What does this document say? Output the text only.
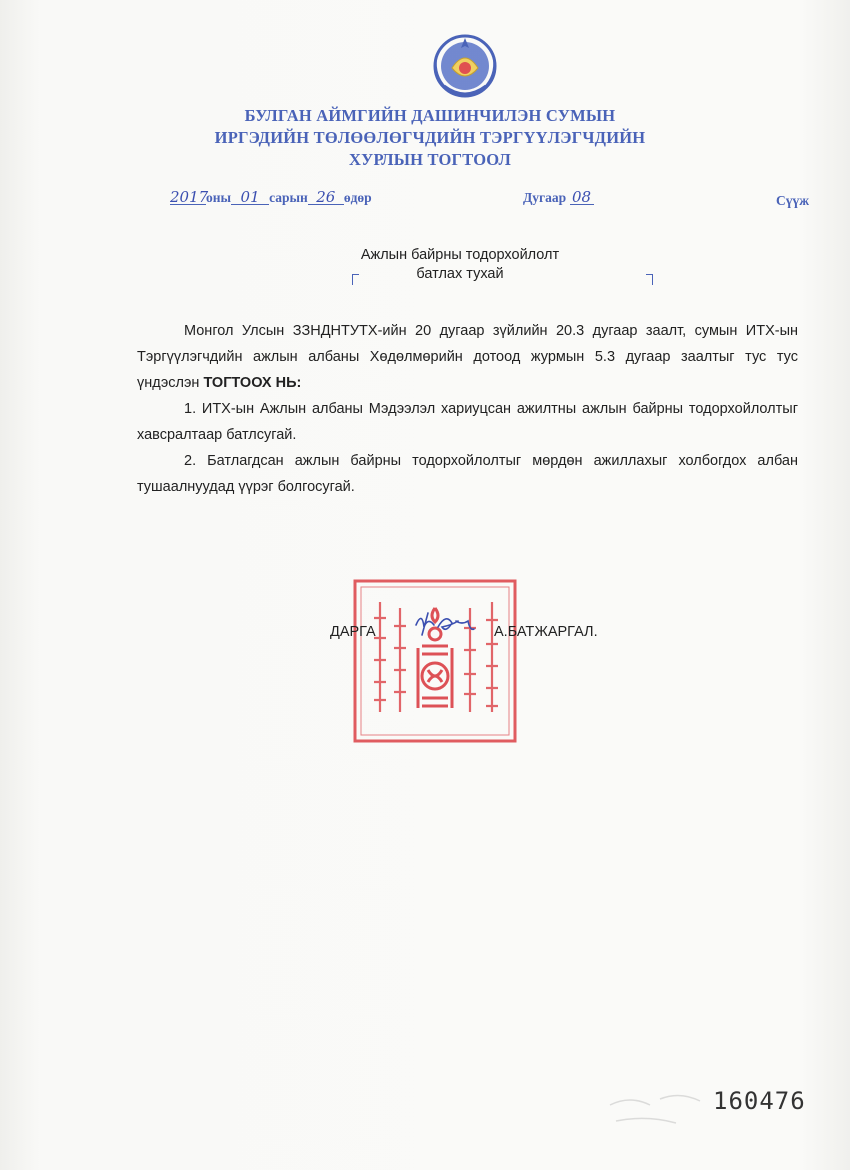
БУЛГАН АЙМГИЙН ДАШИНЧИЛЭН СУМЫН
ИРГЭДИЙН ТӨЛӨӨЛӨГЧДИЙН ТЭРГҮҮЛЭГЧДИЙН
ХУРЛЫН ТОГТООЛ
2017оны 01 сарын 26 өдөр	Дугаар 08	Сүүж
Ажлын байрны тодорхойлолт
батлах тухай

Монгол Улсын ЗЗНДНТУТХ-ийн 20 дугаар зүйлийн 20.3 дугаар заалт, сумын ИТХ-ын Тэргүүлэгчдийн ажлын албаны Хөдөлмөрийн дотоод журмын 5.3 дугаар заалтыг тус тус үндэслэн ТОГТООХ НЬ:

1. ИТХ-ын Ажлын албаны Мэдээлэл хариуцсан ажилтны ажлын байрны тодорхойлолтыг хавсралтаар батлсугай.

2. Батлагдсан ажлын байрны тодорхойлолтыг мөрдөн ажиллахыг холбогдох албан тушаалнуудад үүрэг болгосугай.

ДАРГА	А.БАТЖАРГАЛ.
160476
